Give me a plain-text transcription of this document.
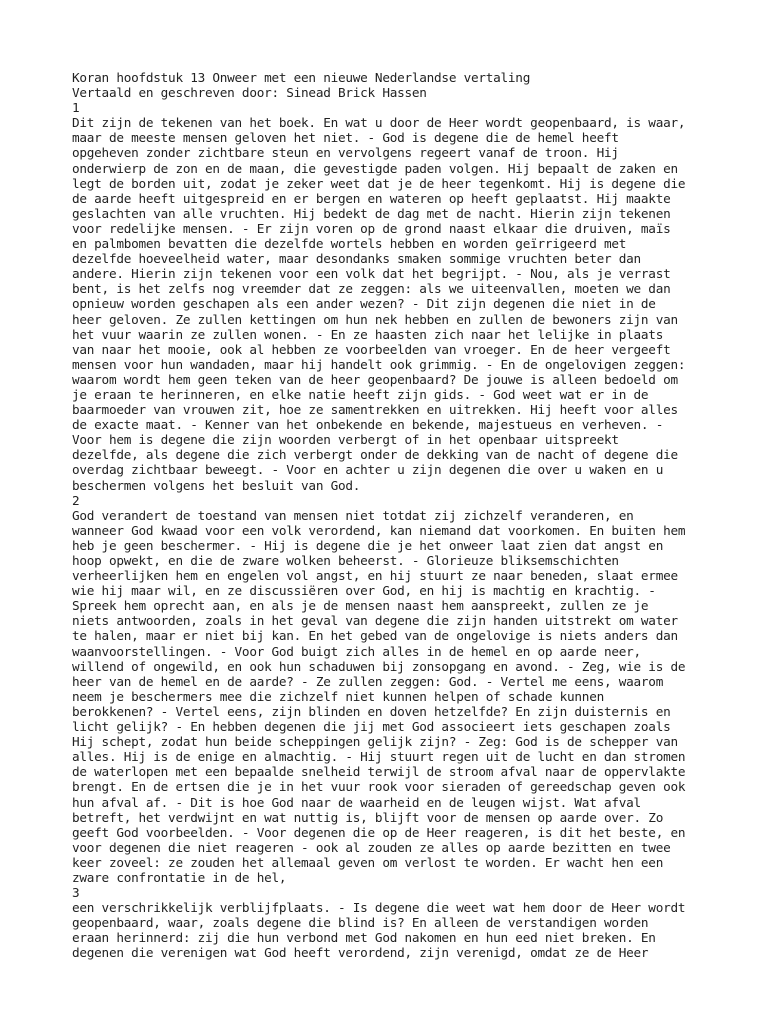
Koran hoofdstuk 13 Onweer met een nieuwe Nederlandse vertaling
Vertaald en geschreven door: Sinead Brick Hassen
1
Dit zijn de tekenen van het boek. En wat u door de Heer wordt geopenbaard, is waar,
maar de meeste mensen geloven het niet. - God is degene die de hemel heeft
opgeheven zonder zichtbare steun en vervolgens regeert vanaf de troon. Hij
onderwierp de zon en de maan, die gevestigde paden volgen. Hij bepaalt de zaken en
legt de borden uit, zodat je zeker weet dat je de heer tegenkomt. Hij is degene die
de aarde heeft uitgespreid en er bergen en wateren op heeft geplaatst. Hij maakte
geslachten van alle vruchten. Hij bedekt de dag met de nacht. Hierin zijn tekenen
voor redelijke mensen. - Er zijn voren op de grond naast elkaar die druiven, maïs
en palmbomen bevatten die dezelfde wortels hebben en worden geïrrigeerd met
dezelfde hoeveelheid water, maar desondanks smaken sommige vruchten beter dan
andere. Hierin zijn tekenen voor een volk dat het begrijpt. - Nou, als je verrast
bent, is het zelfs nog vreemder dat ze zeggen: als we uiteenvallen, moeten we dan
opnieuw worden geschapen als een ander wezen? - Dit zijn degenen die niet in de
heer geloven. Ze zullen kettingen om hun nek hebben en zullen de bewoners zijn van
het vuur waarin ze zullen wonen. - En ze haasten zich naar het lelijke in plaats
van naar het mooie, ook al hebben ze voorbeelden van vroeger. En de heer vergeeft
mensen voor hun wandaden, maar hij handelt ook grimmig. - En de ongelovigen zeggen:
waarom wordt hem geen teken van de heer geopenbaard? De jouwe is alleen bedoeld om
je eraan te herinneren, en elke natie heeft zijn gids. - God weet wat er in de
baarmoeder van vrouwen zit, hoe ze samentrekken en uitrekken. Hij heeft voor alles
de exacte maat. - Kenner van het onbekende en bekende, majestueus en verheven. -
Voor hem is degene die zijn woorden verbergt of in het openbaar uitspreekt
dezelfde, als degene die zich verbergt onder de dekking van de nacht of degene die
overdag zichtbaar beweegt. - Voor en achter u zijn degenen die over u waken en u
beschermen volgens het besluit van God.
2
God verandert de toestand van mensen niet totdat zij zichzelf veranderen, en
wanneer God kwaad voor een volk verordend, kan niemand dat voorkomen. En buiten hem
heb je geen beschermer. - Hij is degene die je het onweer laat zien dat angst en
hoop opwekt, en die de zware wolken beheerst. - Glorieuze bliksemschichten
verheerlijken hem en engelen vol angst, en hij stuurt ze naar beneden, slaat ermee
wie hij maar wil, en ze discussiëren over God, en hij is machtig en krachtig. -
Spreek hem oprecht aan, en als je de mensen naast hem aanspreekt, zullen ze je
niets antwoorden, zoals in het geval van degene die zijn handen uitstrekt om water
te halen, maar er niet bij kan. En het gebed van de ongelovige is niets anders dan
waanvoorstellingen. - Voor God buigt zich alles in de hemel en op aarde neer,
willend of ongewild, en ook hun schaduwen bij zonsopgang en avond. - Zeg, wie is de
heer van de hemel en de aarde? - Ze zullen zeggen: God. - Vertel me eens, waarom
neem je beschermers mee die zichzelf niet kunnen helpen of schade kunnen
berokkenen? - Vertel eens, zijn blinden en doven hetzelfde? En zijn duisternis en
licht gelijk? - En hebben degenen die jij met God associeert iets geschapen zoals
Hij schept, zodat hun beide scheppingen gelijk zijn? - Zeg: God is de schepper van
alles. Hij is de enige en almachtig. - Hij stuurt regen uit de lucht en dan stromen
de waterlopen met een bepaalde snelheid terwijl de stroom afval naar de oppervlakte
brengt. En de ertsen die je in het vuur rook voor sieraden of gereedschap geven ook
hun afval af. - Dit is hoe God naar de waarheid en de leugen wijst. Wat afval
betreft, het verdwijnt en wat nuttig is, blijft voor de mensen op aarde over. Zo
geeft God voorbeelden. - Voor degenen die op de Heer reageren, is dit het beste, en
voor degenen die niet reageren - ook al zouden ze alles op aarde bezitten en twee
keer zoveel: ze zouden het allemaal geven om verlost te worden. Er wacht hen een
zware confrontatie in de hel,
3
een verschrikkelijk verblijfplaats. - Is degene die weet wat hem door de Heer wordt
geopenbaard, waar, zoals degene die blind is? En alleen de verstandigen worden
eraan herinnerd: zij die hun verbond met God nakomen en hun eed niet breken. En
degenen die verenigen wat God heeft verordend, zijn verenigd, omdat ze de Heer
